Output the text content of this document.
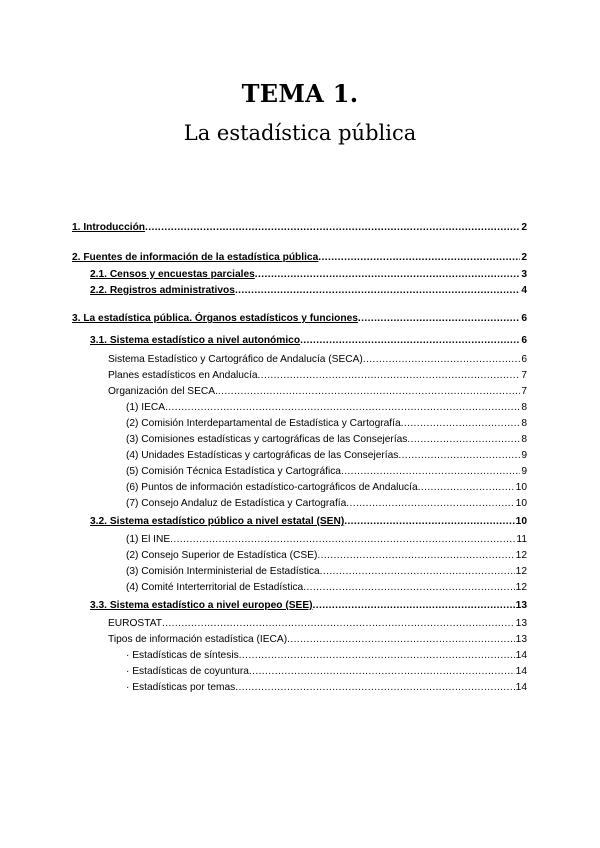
TEMA 1.
La estadística pública
1. Introducción .....	2
2. Fuentes de información de la estadística pública .....	2
2.1. Censos y encuestas parciales .....	3
2.2. Registros administrativos .....	4
3. La estadística pública. Órganos estadísticos y funciones .....	6
3.1. Sistema estadístico a nivel autonómico .....	6
Sistema Estadístico y Cartográfico de Andalucía (SECA) .....	6
Planes estadísticos en Andalucía .....	7
Organización del SECA. .....	7
(1) IECA .....	8
(2) Comisión Interdepartamental de Estadística y Cartografía .....	8
(3) Comisiones estadísticas y cartográficas de las Consejerías .....	8
(4) Unidades Estadísticas y cartográficas de las Consejerías .....	9
(5) Comisión Técnica Estadística y Cartográfica .....	9
(6) Puntos de información estadístico-cartográficos de Andalucía .....	10
(7) Consejo Andaluz de Estadística y Cartografía .....	10
3.2. Sistema estadístico público a nivel estatal (SEN) .....	10
(1) El INE .....	11
(2) Consejo Superior de Estadística (CSE) .....	12
(3) Comisión Interministerial de Estadística .....	12
(4) Comité Interterritorial de Estadística .....	12
3.3. Sistema estadístico a nivel europeo (SEE) .....	13
EUROSTAT .....	13
Tipos de información estadística (IECA) .....	13
· Estadísticas de síntesis .....	14
· Estadísticas de coyuntura .....	14
· Estadísticas por temas .....	14
